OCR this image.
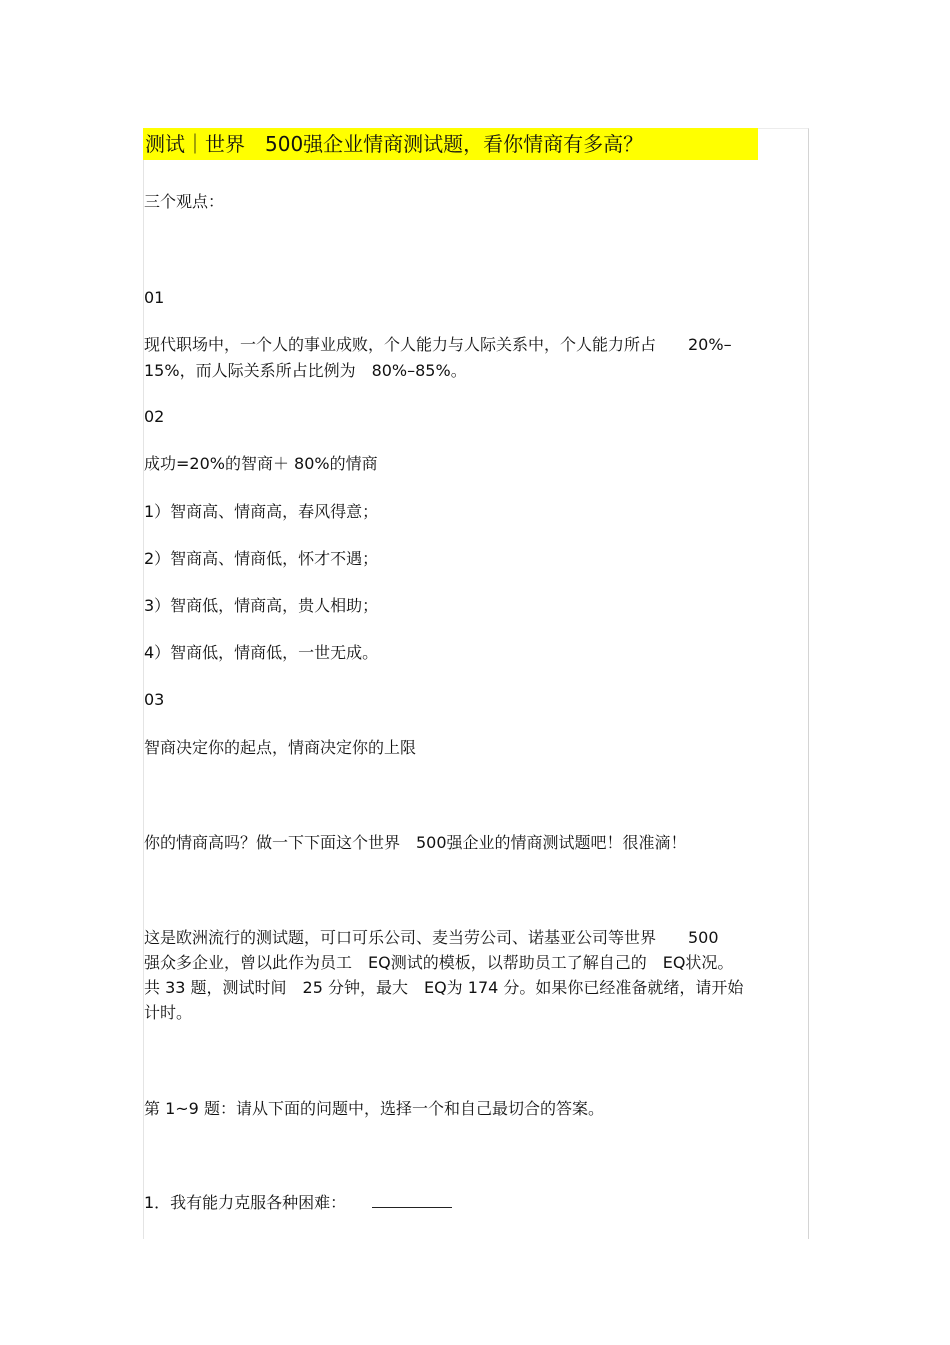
测试｜世界　500强企业情商测试题，看你情商有多高？
三个观点：
01
现代职场中，一个人的事业成败，个人能力与人际关系中，个人能力所占　　20%–
15%，而人际关系所占比例为　80%–85%。
02
成功=20%的智商＋ 80%的情商
1）智商高、情商高，春风得意；
2）智商高、情商低，怀才不遇；
3）智商低，情商高，贵人相助；
4）智商低，情商低，一世无成。
03
智商决定你的起点，情商决定你的上限
你的情商高吗？做一下下面这个世界　500强企业的情商测试题吧！很准滴！
这是欧洲流行的测试题，可口可乐公司、麦当劳公司、诺基亚公司等世界　　500
强众多企业，曾以此作为员工　EQ测试的模板，以帮助员工了解自己的　EQ状况。
共 33 题，测试时间　25 分钟，最大　EQ为 174 分。如果你已经准备就绪，请开始
计时。
第 1~9 题：请从下面的问题中，选择一个和自己最切合的答案。
1．我有能力克服各种困难：
